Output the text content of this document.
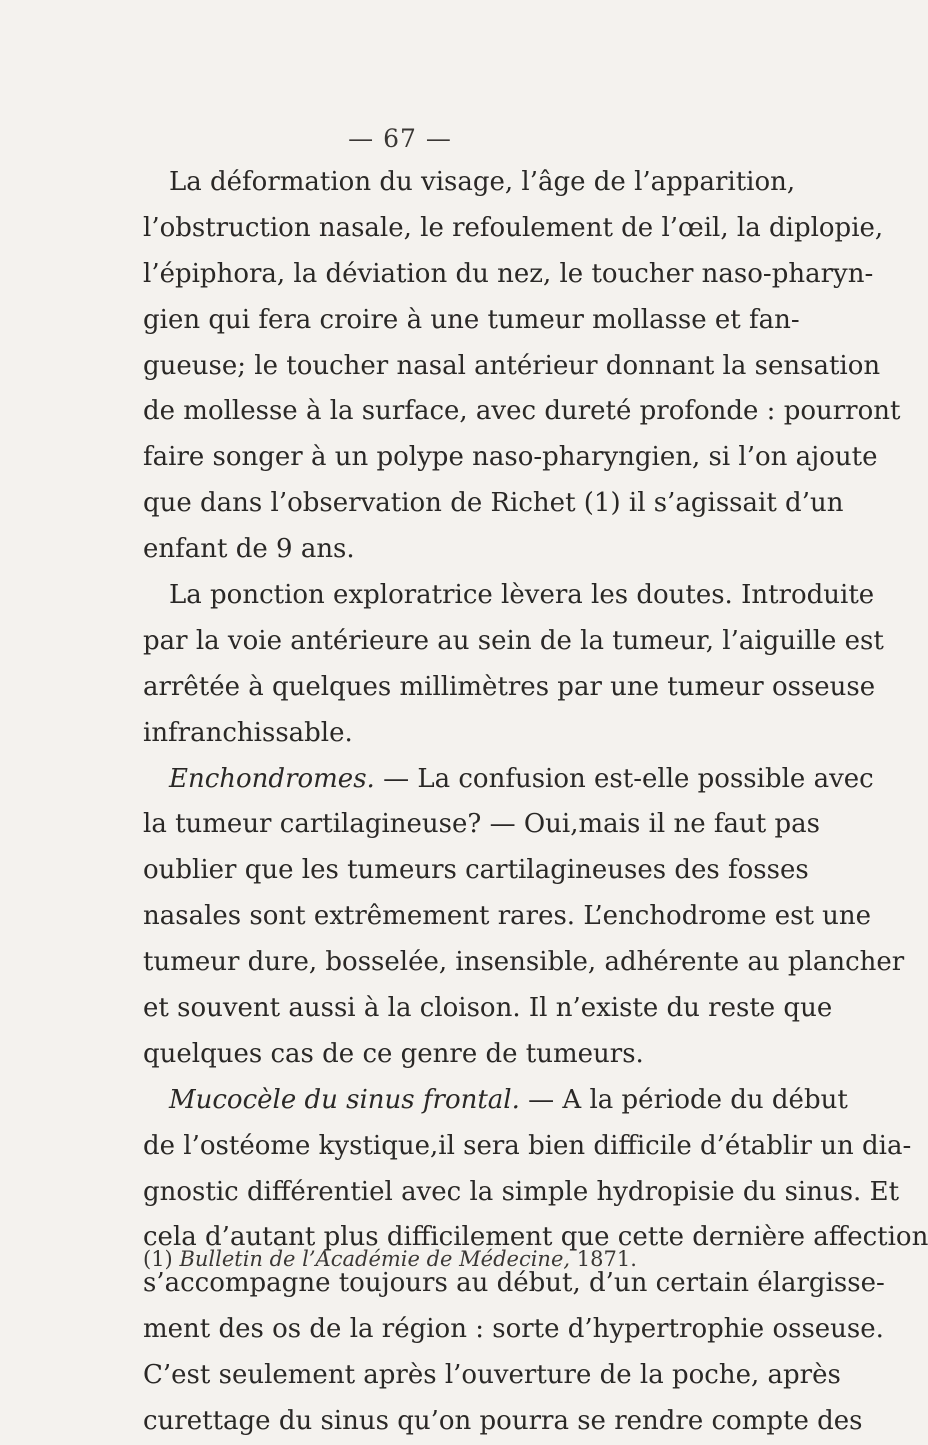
— 67 —

La déformation du visage, l’âge de l’apparition,
l’obstruction nasale, le refoulement de l’œil, la diplopie,
l’épiphora, la déviation du nez, le toucher naso-pharyn-
gien qui fera croire à une tumeur mollasse et fan-
gueuse; le toucher nasal antérieur donnant la sensation
de mollesse à la surface, avec dureté profonde : pourront
faire songer à un polype naso-pharyngien, si l’on ajoute
que dans l’observation de Richet (1) il s’agissait d’un
enfant de 9 ans.

La ponction exploratrice lèvera les doutes. Introduite
par la voie antérieure au sein de la tumeur, l’aiguille est
arrêtée à quelques millimètres par une tumeur osseuse
infranchissable.

Enchondromes. — La confusion est-elle possible avec
la tumeur cartilagineuse? — Oui,mais il ne faut pas
oublier que les tumeurs cartilagineuses des fosses
nasales sont extrêmement rares. L’enchodrome est une
tumeur dure, bosselée, insensible, adhérente au plancher
et souvent aussi à la cloison. Il n’existe du reste que
quelques cas de ce genre de tumeurs.

Mucocèle du sinus frontal. — A la période du début
de l’ostéome kystique,il sera bien difficile d’établir un dia-
gnostic différentiel avec la simple hydropisie du sinus. Et
cela d’autant plus difficilement que cette dernière affection
s’accompagne toujours au début, d’un certain élargisse-
ment des os de la région : sorte d’hypertrophie osseuse.
C’est seulement après l’ouverture de la poche, après
curettage du sinus qu’on pourra se rendre compte des

(1) Bulletin de l’Académie de Médecine, 1871.
